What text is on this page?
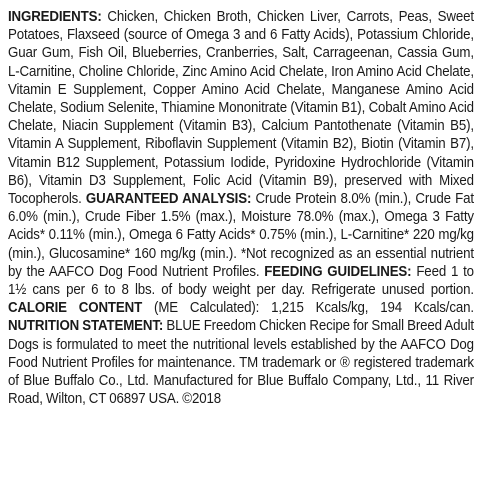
INGREDIENTS: Chicken, Chicken Broth, Chicken Liver, Carrots, Peas, Sweet Potatoes, Flaxseed (source of Omega 3 and 6 Fatty Acids), Potassium Chloride, Guar Gum, Fish Oil, Blueberries, Cranberries, Salt, Carrageenan, Cassia Gum, L-Carnitine, Choline Chloride, Zinc Amino Acid Chelate, Iron Amino Acid Chelate, Vitamin E Supplement, Copper Amino Acid Chelate, Manganese Amino Acid Chelate, Sodium Selenite, Thiamine Mononitrate (Vitamin B1), Cobalt Amino Acid Chelate, Niacin Supplement (Vitamin B3), Calcium Pantothenate (Vitamin B5), Vitamin A Supplement, Riboflavin Supplement (Vitamin B2), Biotin (Vitamin B7), Vitamin B12 Supplement, Potassium Iodide, Pyridoxine Hydrochloride (Vitamin B6), Vitamin D3 Supplement, Folic Acid (Vitamin B9), preserved with Mixed Tocopherols. GUARANTEED ANALYSIS: Crude Protein 8.0% (min.), Crude Fat 6.0% (min.), Crude Fiber 1.5% (max.), Moisture 78.0% (max.), Omega 3 Fatty Acids* 0.11% (min.), Omega 6 Fatty Acids* 0.75% (min.), L-Carnitine* 220 mg/kg (min.), Glucosamine* 160 mg/kg (min.). *Not recognized as an essential nutrient by the AAFCO Dog Food Nutrient Profiles. FEEDING GUIDELINES: Feed 1 to 1½ cans per 6 to 8 lbs. of body weight per day. Refrigerate unused portion. CALORIE CONTENT (ME Calculated): 1,215 Kcals/kg, 194 Kcals/can. NUTRITION STATEMENT: BLUE Freedom Chicken Recipe for Small Breed Adult Dogs is formulated to meet the nutritional levels established by the AAFCO Dog Food Nutrient Profiles for maintenance. TM trademark or ® registered trademark of Blue Buffalo Co., Ltd. Manufactured for Blue Buffalo Company, Ltd., 11 River Road, Wilton, CT 06897 USA. ©2018
